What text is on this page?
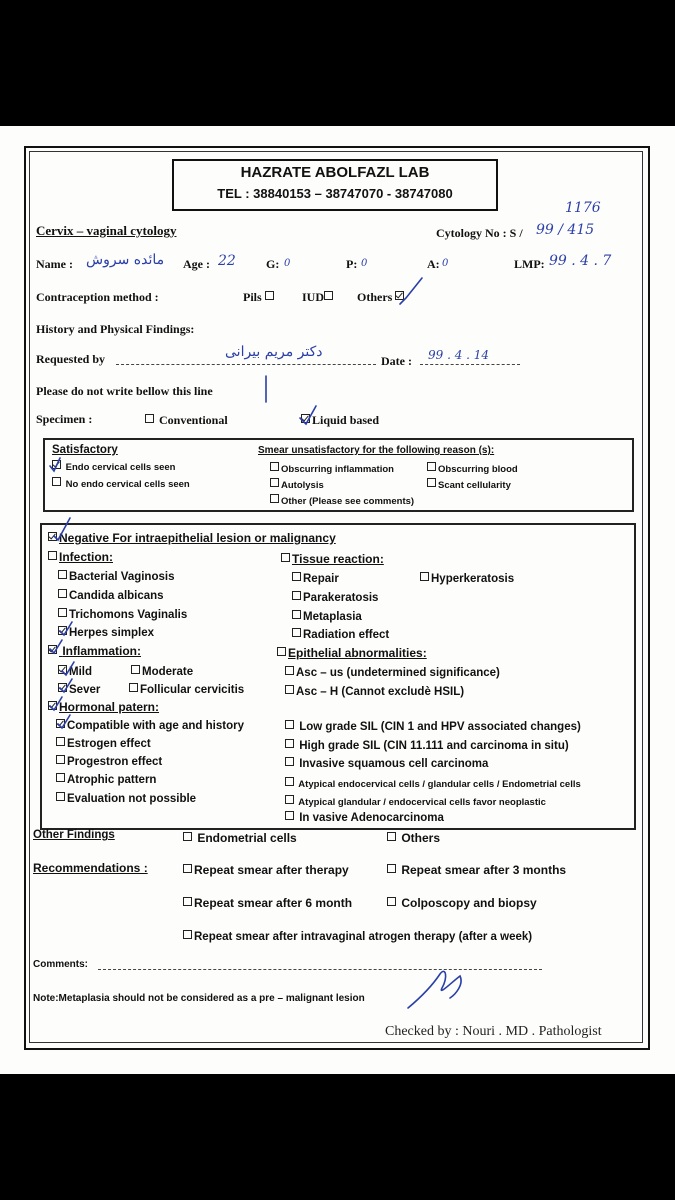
HAZRATE ABOLFAZL LAB
TEL : 38840153 – 38747070 - 38747080
Cervix – vaginal cytology
1176
Cytology No : S / 99 / 415
Name : مائده سروش Age : 22	G: 0	P: 0	A: 0	LMP: 99 . 4 . 7
Contraception method :	Pils	IUD	Others
History and Physical Findings:
Requested by	دکتر مریم بیرانی
Date : 99 . 4 . 14
Please do not write bellow this line
Specimen :	Conventional	Liquid based
Satisfactory
Endo cervical cells seen
No endo cervical cells seen
Smear unsatisfactory for the following reason (s):
Obscurring inflammation
Autolysis
Other (Please see comments)
Obscurring blood
Scant cellularity
Negative For intraepithelial lesion or malignancy
Infection:
Bacterial Vaginosis
Candida albicans
Trichomons Vaginalis
Herpes simplex
Tissue reaction:
Repair
Parakeratosis
Metaplasia
Radiation effect
Hyperkeratosis
Inflammation:
Mild	Moderate
Sever	Follicular cervicitis
Epithelial abnormalities:
Asc – us (undetermined significance)
Asc – H (Cannot excludè HSIL)
Hormonal patern:
Compatible with age and history
Estrogen effect
Progestron effect
Atrophic pattern
Evaluation not possible
Low grade SIL (CIN 1 and HPV associated changes)
High grade SIL (CIN 11.111 and carcinoma in situ)
Invasive squamous cell carcinoma
Atypical endocervical cells / glandular cells / Endometrial cells
Atypical glandular / endocervical cells favor neoplastic
In vasive Adenocarcinoma
Other Findings	Endometrial cells	Others
Recommendations :	Repeat smear after therapy	Repeat smear after 3 months
Repeat smear after 6 month	Colposcopy and biopsy
Repeat smear after intravaginal atrogen therapy (after a week)
Comments:
Note:Metaplasia should not be considered as a pre – malignant lesion
Checked by : Nouri . MD . Pathologist
